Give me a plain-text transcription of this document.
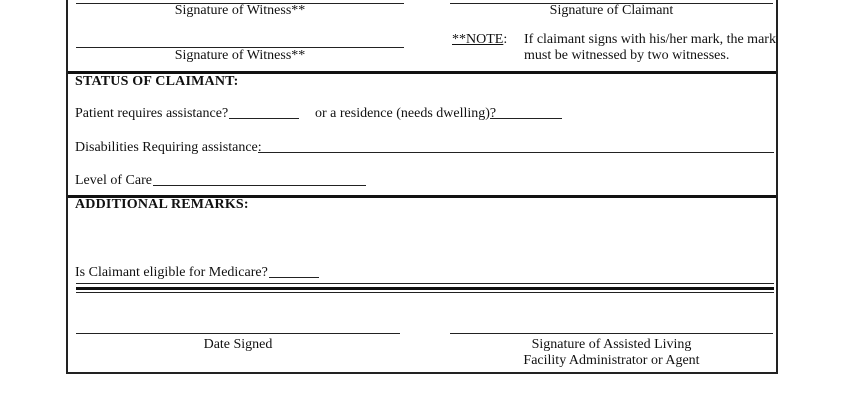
Signature of Witness**	Signature of Claimant
Signature of Witness**
**NOTE: If claimant signs with his/her mark, the mark
must be witnessed by two witnesses.
STATUS OF CLAIMANT:
Patient requires assistance?	or a residence (needs dwelling)?
Disabilities Requiring assistance:
Level of Care
ADDITIONAL REMARKS:
Is Claimant eligible for Medicare?
Date Signed	Signature of Assisted Living
Facility Administrator or Agent
